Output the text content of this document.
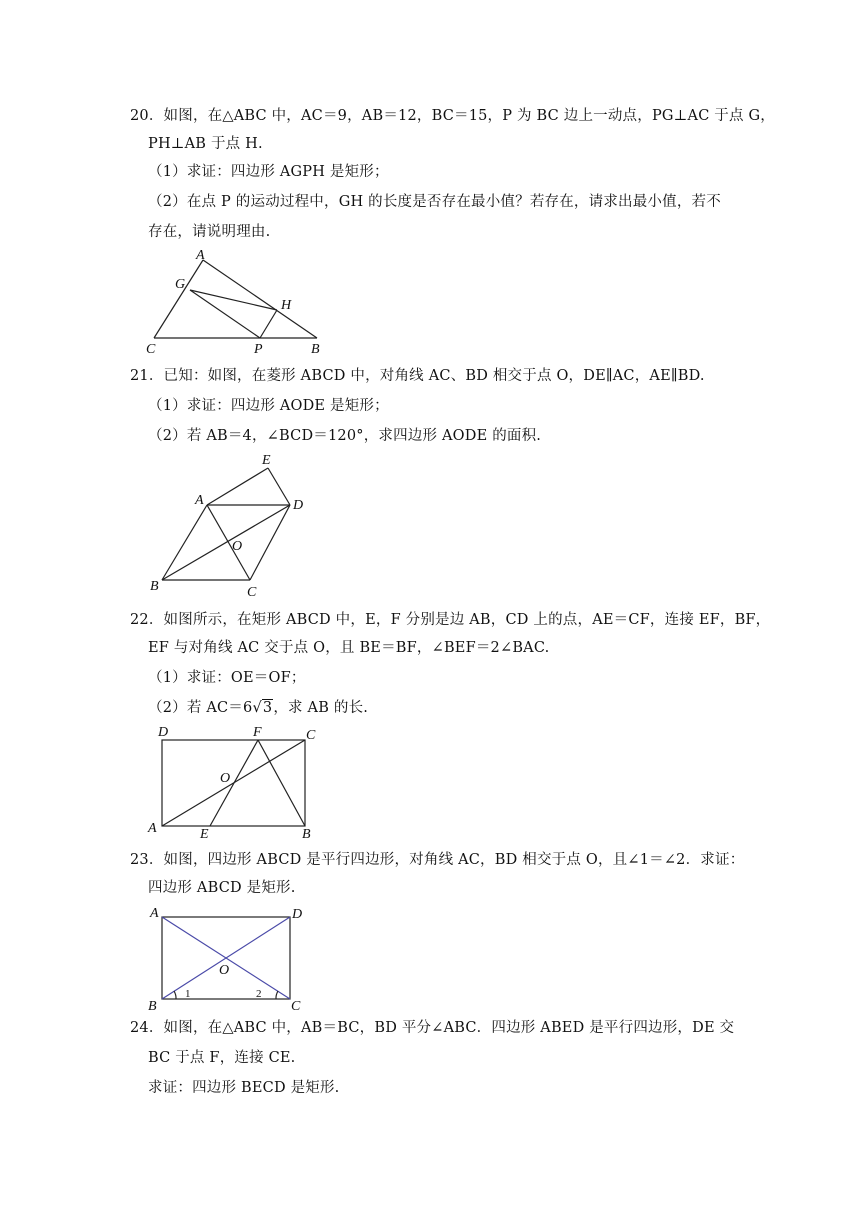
20．如图，在△ABC 中，AC＝9，AB＝12，BC＝15，P 为 BC 边上一动点，PG⊥AC 于点 G，
PH⊥AB 于点 H.
（1）求证：四边形 AGPH 是矩形；
（2）在点 P 的运动过程中，GH 的长度是否存在最小值？若存在，请求出最小值，若不
存在，请说明理由.
A
G
H
C	P	B
21．已知：如图，在菱形 ABCD 中，对角线 AC、BD 相交于点 O，DE∥AC，AE∥BD.
（1）求证：四边形 AODE 是矩形；
（2）若 AB＝4，∠BCD＝120°，求四边形 AODE 的面积.
E
A	D
O
B	C
22．如图所示，在矩形 ABCD 中，E，F 分别是边 AB，CD 上的点，AE＝CF，连接 EF，BF，
EF 与对角线 AC 交于点 O，且 BE＝BF，∠BEF＝2∠BAC.
（1）求证：OE＝OF；
（2）若 AC＝6√3，求 AB 的长.
D	F	C
O
A	E	B
23．如图，四边形 ABCD 是平行四边形，对角线 AC，BD 相交于点 O，且∠1＝∠2．求证：
四边形 ABCD 是矩形.
A	D
O
B	C
1	2
24．如图，在△ABC 中，AB＝BC，BD 平分∠ABC．四边形 ABED 是平行四边形，DE 交
BC 于点 F，连接 CE.
求证：四边形 BECD 是矩形.
